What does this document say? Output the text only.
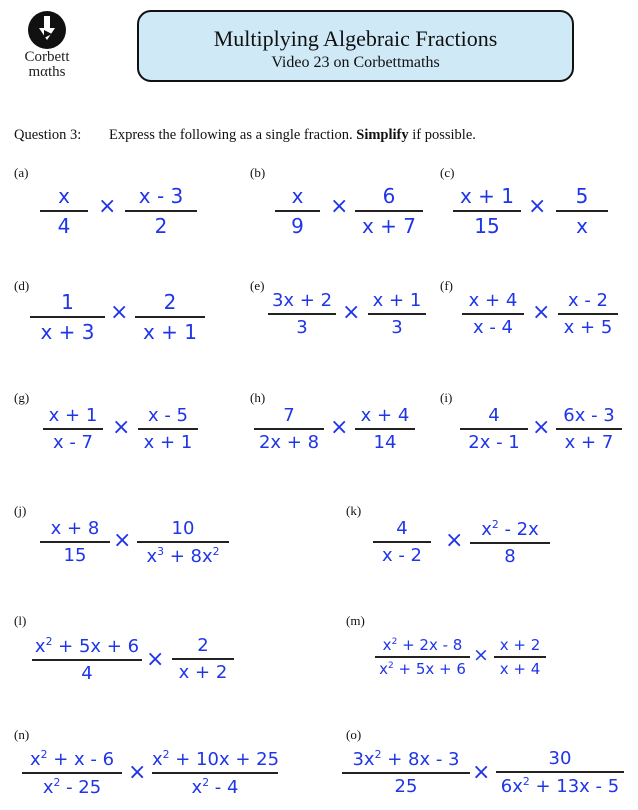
Corbett
mαths
Multiplying Algebraic Fractions
Video 23 on Corbettmaths
Question 3: Express the following as a single fraction. Simplify if possible.
(a)
x
4
×	x - 3
2
(b)
x
9
×	6
x + 7
(c)
x + 1
15
×	5
x
(d)
1
x + 3
×	2
x + 1
(e)
3x + 2
3
× x + 1
3
(f)
x + 4
x - 4
× x - 2
x + 5
(g)
x + 1
x - 7
× x - 5
x + 1
(h)
7
2x + 8
× x + 4
14
(i)
4
2x - 1
× 6x - 3
x + 7
(j)
x + 8
15
×	10
$x^3 + 8x^2$
(k)
4
x - 2
× $x^2 - 2x$
8
(l)
$x^2 + 5x + 6$
4
×
2
x + 2
(m)
$x^2 + 2x - 8$
$x^2 + 5x + 6$
× x + 2
x + 4
(n)
$x^2 + x - 6$
$x^2 - 25$
×
$x^2 + 10x + 25$
$x^2 - 4$
(o)
$3x^2 + 8x - 3$
25
×
30
$6x^2 + 13x - 5$
